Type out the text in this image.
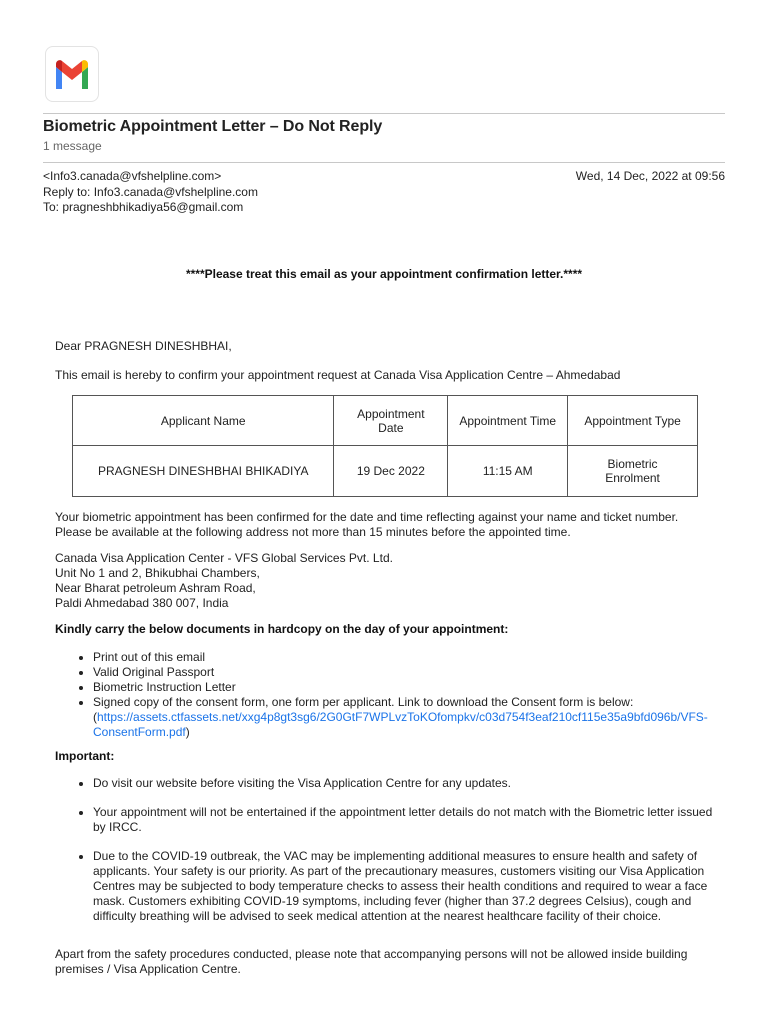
Biometric Appointment Letter – Do Not Reply
1 message
<Info3.canada@vfshelpline.com>
Reply to: Info3.canada@vfshelpline.com
To: pragneshbhikadiya56@gmail.com
Wed, 14 Dec, 2022 at 09:56
****Please treat this email as your appointment confirmation letter.****
Dear PRAGNESH DINESHBHAI,
This email is hereby to confirm your appointment request at Canada Visa Application Centre – Ahmedabad
Applicant Name	Appointment Date	Appointment Time	Appointment Type
PRAGNESH DINESHBHAI BHIKADIYA	19 Dec 2022	11:15 AM	Biometric Enrolment
Your biometric appointment has been confirmed for the date and time reflecting against your name and ticket number. Please be available at the following address not more than 15 minutes before the appointed time.
Canada Visa Application Center - VFS Global Services Pvt. Ltd.
Unit No 1 and 2, Bhikubhai Chambers,
Near Bharat petroleum Ashram Road,
Paldi Ahmedabad 380 007, India
Kindly carry the below documents in hardcopy on the day of your appointment:
• Print out of this email
• Valid Original Passport
• Biometric Instruction Letter
• Signed copy of the consent form, one form per applicant. Link to download the Consent form is below:
(https://assets.ctfassets.net/xxg4p8gt3sg6/2G0GtF7WPLvzToKOfompkv/c03d754f3eaf210cf115e35a9bfd096b/VFS-ConsentForm.pdf)
Important:
• Do visit our website before visiting the Visa Application Centre for any updates.
• Your appointment will not be entertained if the appointment letter details do not match with the Biometric letter issued by IRCC.
• Due to the COVID-19 outbreak, the VAC may be implementing additional measures to ensure health and safety of applicants. Your safety is our priority. As part of the precautionary measures, customers visiting our Visa Application Centres may be subjected to body temperature checks to assess their health conditions and required to wear a face mask. Customers exhibiting COVID-19 symptoms, including fever (higher than 37.2 degrees Celsius), cough and difficulty breathing will be advised to seek medical attention at the nearest healthcare facility of their choice.
Apart from the safety procedures conducted, please note that accompanying persons will not be allowed inside building premises / Visa Application Centre.
